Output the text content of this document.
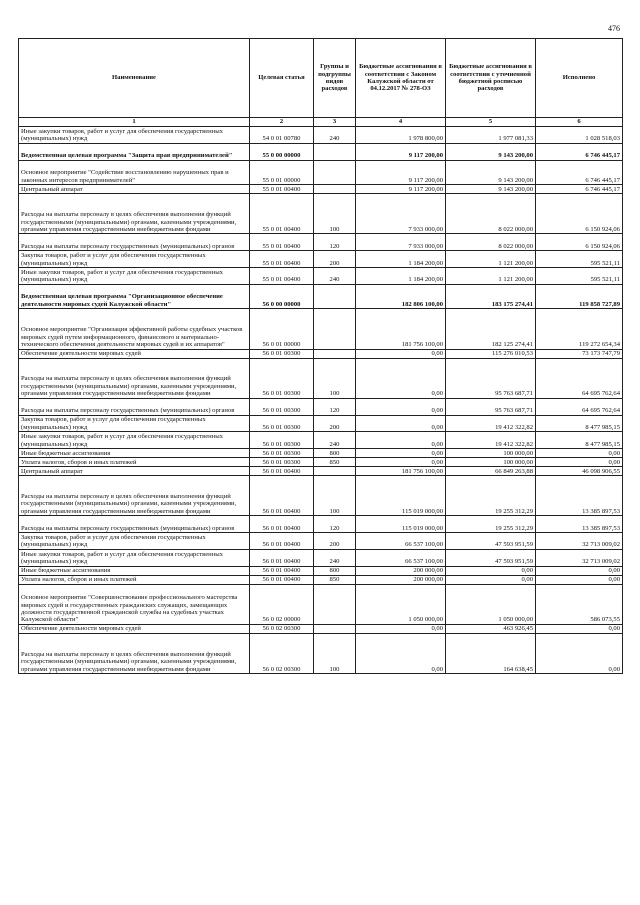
476
Наименование	Целевая статья	Группы и подгруппы видов расходов	Бюджетные ассигнования в соответствии с Законом Калужской области от 04.12.2017 № 278-ОЗ	Бюджетные ассигнования в соответствии с уточненной бюджетной росписью расходов	Исполнено
1	2	3	4	5	6
Иные закупки товаров, работ и услуг для обеспечения государственных (муниципальных) нужд	54 0 01 00780	240	1 978 800,00	1 977 081,33	1 028 518,03
Ведомственная целевая программа "Защита прав предпринимателей"	55 0 00 00000		9 117 200,00	9 143 200,00	6 746 445,17
Основное мероприятие "Содействие восстановлению нарушенных прав и законных интересов предпринимателей"	55 0 01 00000		9 117 200,00	9 143 200,00	6 746 445,17
Центральный аппарат	55 0 01 00400		9 117 200,00	9 143 200,00	6 746 445,17
Расходы на выплаты персоналу в целях обеспечения выполнения функций государственными (муниципальными) органами, казенными учреждениями, органами управления государственными внебюджетными фондами	55 0 01 00400	100	7 933 000,00	8 022 000,00	6 150 924,06
Расходы на выплаты персоналу государственных (муниципальных) органов	55 0 01 00400	120	7 933 000,00	8 022 000,00	6 150 924,06
Закупка товаров, работ и услуг для обеспечения государственных (муниципальных) нужд	55 0 01 00400	200	1 184 200,00	1 121 200,00	595 521,11
Иные закупки товаров, работ и услуг для обеспечения государственных (муниципальных) нужд	55 0 01 00400	240	1 184 200,00	1 121 200,00	595 521,11
Ведомственная целевая программа "Организационное обеспечение деятельности мировых судей Калужской области"	56 0 00 00000		182 806 100,00	183 175 274,41	119 858 727,89
Основное мероприятие "Организация эффективной работы судебных участков мировых судей путем информационного, финансового и материально-технического обеспечения деятельности мировых судей и их аппаратов"	56 0 01 00000		181 756 100,00	182 125 274,41	119 272 654,34
Обеспечение деятельности мировых судей	56 0 01 00300		0,00	115 276 010,53	73 173 747,79
Расходы на выплаты персоналу в целях обеспечения выполнения функций государственными (муниципальными) органами, казенными учреждениями, органами управления государственными внебюджетными фондами	56 0 01 00300	100	0,00	95 763 687,71	64 695 762,64
Расходы на выплаты персоналу государственных (муниципальных) органов	56 0 01 00300	120	0,00	95 763 687,71	64 695 762,64
Закупка товаров, работ и услуг для обеспечения государственных (муниципальных) нужд	56 0 01 00300	200	0,00	19 412 322,82	8 477 985,15
Иные закупки товаров, работ и услуг для обеспечения государственных (муниципальных) нужд	56 0 01 00300	240	0,00	19 412 322,82	8 477 985,15
Иные бюджетные ассигнования	56 0 01 00300	800	0,00	100 000,00	0,00
Уплата налогов, сборов и иных платежей	56 0 01 00300	850	0,00	100 000,00	0,00
Центральный аппарат	56 0 01 00400		181 756 100,00	66 849 263,88	46 098 906,55
Расходы на выплаты персоналу в целях обеспечения выполнения функций государственными (муниципальными) органами, казенными учреждениями, органами управления государственными внебюджетными фондами	56 0 01 00400	100	115 019 000,00	19 255 312,29	13 385 897,53
Расходы на выплаты персоналу государственных (муниципальных) органов	56 0 01 00400	120	115 019 000,00	19 255 312,29	13 385 897,53
Закупка товаров, работ и услуг для обеспечения государственных (муниципальных) нужд	56 0 01 00400	200	66 537 100,00	47 593 951,59	32 713 009,02
Иные закупки товаров, работ и услуг для обеспечения государственных (муниципальных) нужд	56 0 01 00400	240	66 537 100,00	47 593 951,59	32 713 009,02
Иные бюджетные ассигнования	56 0 01 00400	800	200 000,00	0,00	0,00
Уплата налогов, сборов и иных платежей	56 0 01 00400	850	200 000,00	0,00	0,00
Основное мероприятие "Совершенствование профессионального мастерства мировых судей и государственных гражданских служащих, замещающих должности государственной гражданской службы на судебных участках Калужской области"	56 0 02 00000		1 050 000,00	1 050 000,00	586 073,55
Обеспечение деятельности мировых судей	56 0 02 00300		0,00	463 926,45	0,00
Расходы на выплаты персоналу в целях обеспечения выполнения функций государственными (муниципальными) органами, казенными учреждениями, органами управления государственными внебюджетными фондами	56 0 02 00300	100	0,00	164 638,45	0,00
